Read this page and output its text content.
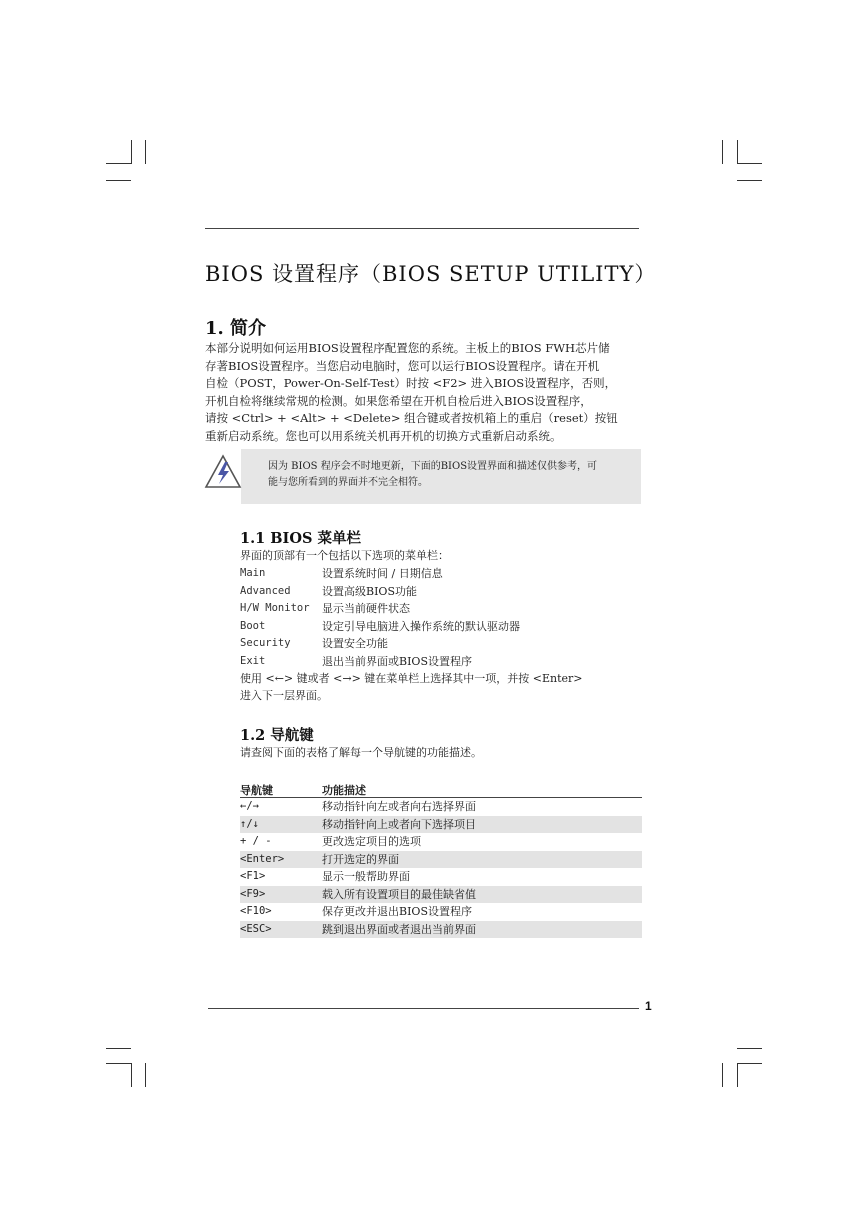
BIOS 设置程序（BIOS SETUP UTILITY）
1. 简介

本部分说明如何运用BIOS设置程序配置您的系统。主板上的BIOS FWH芯片储

存著BIOS设置程序。当您启动电脑时，您可以运行BIOS设置程序。请在开机

自检（POST，Power-On-Self-Test）时按 <F2> 进入BIOS设置程序，否则，

开机自检将继续常规的检测。如果您希望在开机自检后进入BIOS设置程序，

请按 <Ctrl> + <Alt> + <Delete> 组合键或者按机箱上的重启（reset）按钮

重新启动系统。您也可以用系统关机再开机的切换方式重新启动系统。

因为 BIOS 程序会不时地更新，下面的BIOS设置界面和描述仅供参考，可

能与您所看到的界面并不完全相符。

1.1 BIOS 菜单栏
界面的顶部有一个包括以下选项的菜单栏：
Main	设置系统时间 / 日期信息
Advanced	设置高级BIOS功能
H/W Monitor 显示当前硬件状态
Boot	设定引导电脑进入操作系统的默认驱动器
Security	设置安全功能
Exit	退出当前界面或BIOS设置程序
使用 <←> 键或者 <→> 键在菜单栏上选择其中一项，并按 <Enter>
进入下一层界面。
1.2 导航键
请查阅下面的表格了解每一个导航键的功能描述。
导航键	功能描述
←/→	移动指针向左或者向右选择界面
↑/↓	移动指针向上或者向下选择项目
+ / -	更改选定项目的选项
<Enter>	打开选定的界面
<F1>	显示一般帮助界面
<F9>	载入所有设置项目的最佳缺省值
<F10>	保存更改并退出BIOS设置程序
<ESC>	跳到退出界面或者退出当前界面
1
